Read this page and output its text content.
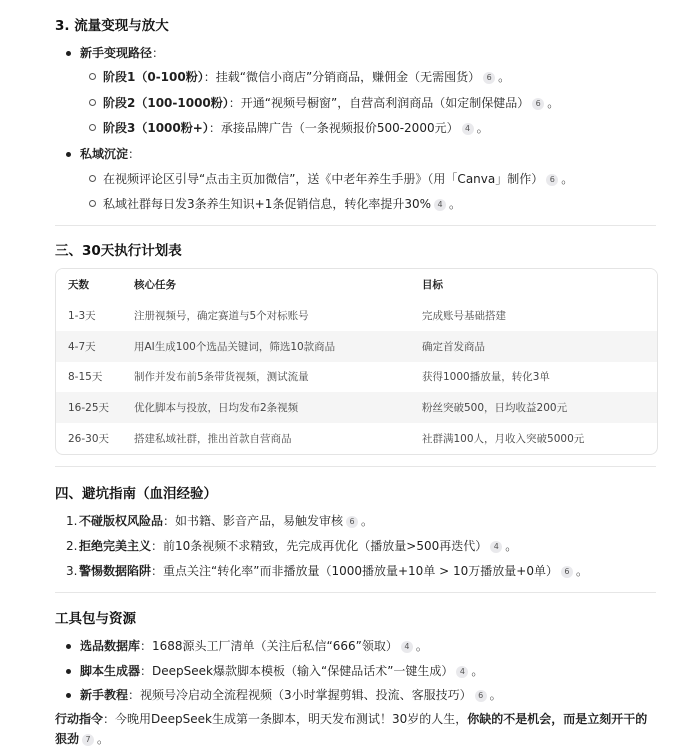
3. 流量变现与放大
新手变现路径：
阶段1（0-100粉）：挂载“微信小商店”分销商品，赚佣金（无需囤货） 6 。
阶段2（100-1000粉）：开通“视频号橱窗”，自营高利润商品（如定制保健品） 6 。
阶段3（1000粉+）：承接品牌广告（一条视频报价500-2000元） 4 。
私域沉淀：
在视频评论区引导“点击主页加微信”，送《中老年养生手册》（用「Canva」制作） 6 。
私域社群每日发3条养生知识+1条促销信息，转化率提升30% 4 。
三、30天执行计划表
天数	核心任务	目标
1-3天	注册视频号，确定赛道与5个对标账号	完成账号基础搭建
4-7天	用AI生成100个选品关键词，筛选10款商品	确定首发商品
8-15天	制作并发布前5条带货视频，测试流量	获得1000播放量，转化3单
16-25天	优化脚本与投放，日均发布2条视频	粉丝突破500，日均收益200元
26-30天	搭建私域社群，推出首款自营商品	社群满100人，月收入突破5000元
四、避坑指南（血泪经验）
1. 不碰版权风险品：如书籍、影音产品，易触发审核 6 。
2. 拒绝完美主义：前10条视频不求精致，先完成再优化（播放量>500再迭代） 4 。
3. 警惕数据陷阱：重点关注“转化率”而非播放量（1000播放量+10单 > 10万播放量+0单） 6 。
工具包与资源
选品数据库：1688源头工厂清单（关注后私信“666”领取） 4 。
脚本生成器：DeepSeek爆款脚本模板（输入“保健品话术”一键生成） 4 。
新手教程：视频号冷启动全流程视频（3小时掌握剪辑、投流、客服技巧） 6 。
行动指令：今晚用DeepSeek生成第一条脚本，明天发布测试！30岁的人生，你缺的不是机会，而是立刻开干的狠劲 7 。
